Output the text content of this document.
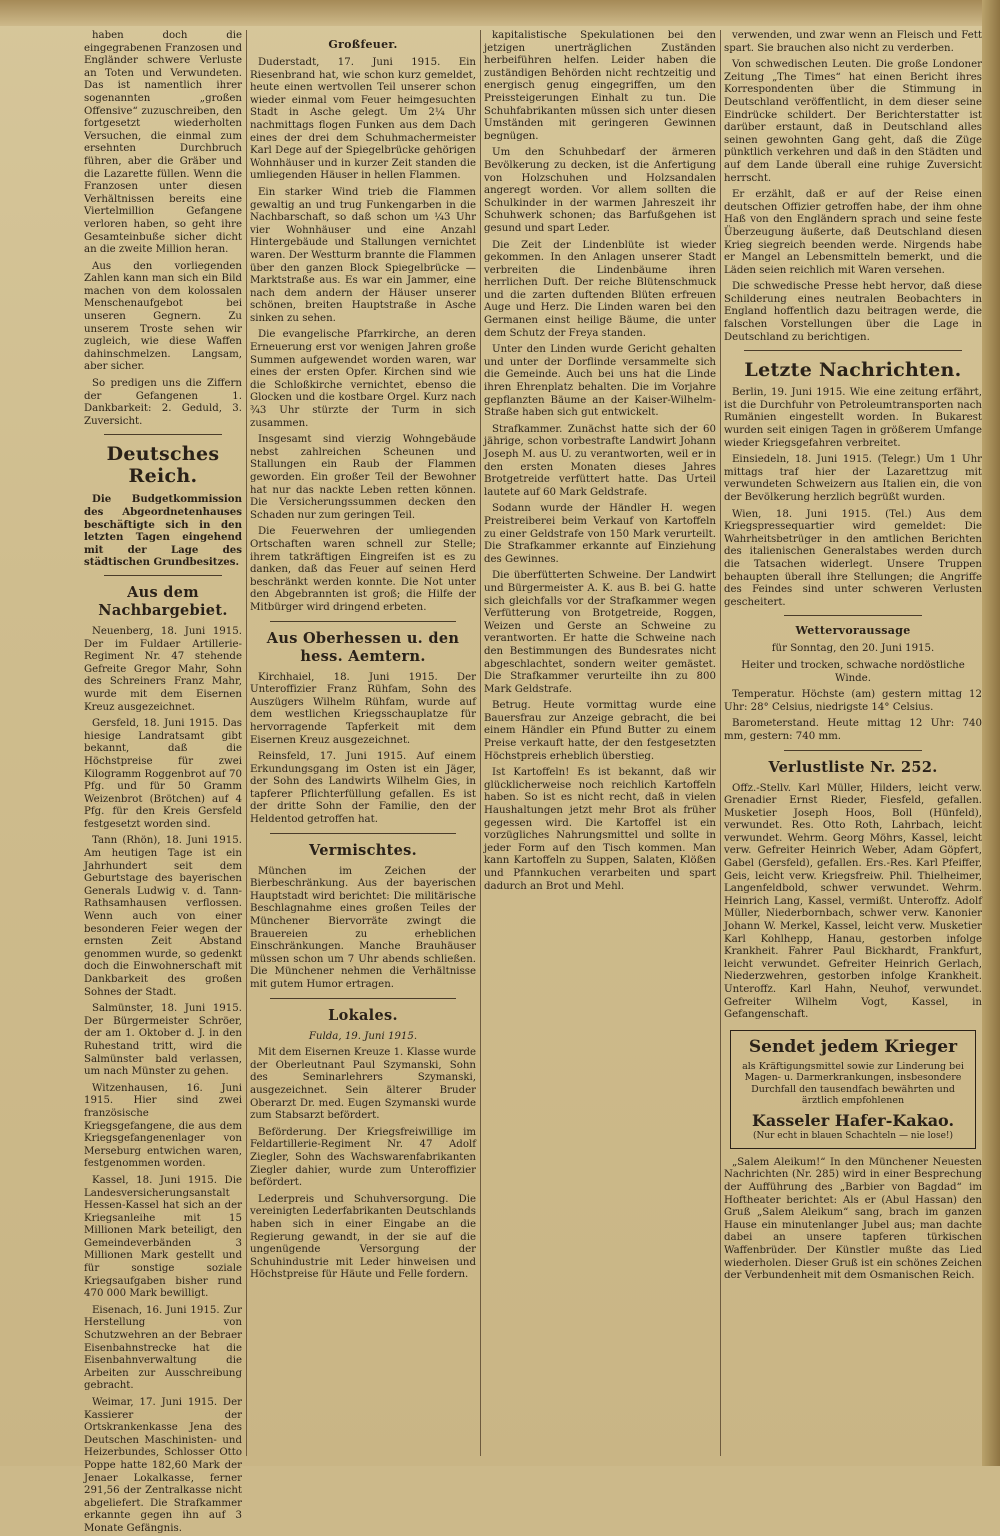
haben doch die eingegrabenen Franzosen und Engländer schwere Verluste an Toten und Verwundeten. Das ist namentlich ihrer sogenannten „großen Offensive“ zuzuschreiben, den fortgesetzt wiederholten Versuchen, die einmal zum ersehnten Durchbruch führen, aber die Gräber und die Lazarette füllen. Wenn die Franzosen unter diesen Verhältnissen bereits eine Viertelmillion Gefangene verloren haben, so geht ihre Gesamteinbuße sicher dicht an die zweite Million heran.

Aus den vorliegenden Zahlen kann man sich ein Bild machen von dem kolossalen Menschenaufgebot bei unseren Gegnern. Zu unserem Troste sehen wir zugleich, wie diese Waffen dahinschmelzen. Langsam, aber sicher.

So predigen uns die Ziffern der Gefangenen 1. Dankbarkeit: 2. Geduld, 3. Zuversicht.

Deutsches Reich.

Die Budgetkommission des Abgeordnetenhauses beschäftigte sich in den letzten Tagen eingehend mit der Lage des städtischen Grundbesitzes.

Aus dem Nachbargebiet.

Neuenberg, 18. Juni 1915. Der im Fuldaer Artillerie-Regiment Nr. 47 stehende Gefreite Gregor Mahr, Sohn des Schreiners Franz Mahr, wurde mit dem Eisernen Kreuz ausgezeichnet.

Gersfeld, 18. Juni 1915. Das hiesige Landratsamt gibt bekannt, daß die Höchstpreise für zwei Kilogramm Roggenbrot auf 70 Pfg. und für 50 Gramm Weizenbrot (Brötchen) auf 4 Pfg. für den Kreis Gersfeld festgesetzt worden sind.

Tann (Rhön), 18. Juni 1915. Am heutigen Tage ist ein Jahrhundert seit dem Geburtstage des bayerischen Generals Ludwig v. d. Tann-Rathsamhausen verflossen. Wenn auch von einer besonderen Feier wegen der ernsten Zeit Abstand genommen wurde, so gedenkt doch die Einwohnerschaft mit Dankbarkeit des großen Sohnes der Stadt.

Salmünster, 18. Juni 1915. Der Bürgermeister Schröer, der am 1. Oktober d. J. in den Ruhestand tritt, wird die Salmünster bald verlassen, um nach Münster zu gehen.

Witzenhausen, 16. Juni 1915. Hier sind zwei französische Kriegsgefangene, die aus dem Kriegsgefangenenlager von Merseburg entwichen waren, festgenommen worden.

Kassel, 18. Juni 1915. Die Landesversicherungsanstalt Hessen-Kassel hat sich an der Kriegsanleihe mit 15 Millionen Mark beteiligt, den Gemeindeverbänden 3 Millionen Mark gestellt und für sonstige soziale Kriegsaufgaben bisher rund 470 000 Mark bewilligt.

Eisenach, 16. Juni 1915. Zur Herstellung von Schutzwehren an der Bebraer Eisenbahnstrecke hat die Eisenbahnverwaltung die Arbeiten zur Ausschreibung gebracht.

Weimar, 17. Juni 1915. Der Kassierer der Ortskrankenkasse Jena des Deutschen Maschinisten- und Heizerbundes, Schlosser Otto Poppe hatte 182,60 Mark der Jenaer Lokalkasse, ferner 291,56 der Zentralkasse nicht abgeliefert. Die Strafkammer erkannte gegen ihn auf 3 Monate Gefängnis.

Großfeuer.

Duderstadt, 17. Juni 1915. Ein Riesenbrand hat, wie schon kurz gemeldet, heute einen wertvollen Teil unserer schon wieder einmal vom Feuer heimgesuchten Stadt in Asche gelegt. Um 2¼ Uhr nachmittags flogen Funken aus dem Dach eines der drei dem Schuhmachermeister Karl Dege auf der Spiegelbrücke gehörigen Wohnhäuser und in kurzer Zeit standen die umliegenden Häuser in hellen Flammen.

Ein starker Wind trieb die Flammen gewaltig an und trug Funkengarben in die Nachbarschaft, so daß schon um ¼3 Uhr vier Wohnhäuser und eine Anzahl Hintergebäude und Stallungen vernichtet waren. Der Westturm brannte die Flammen über den ganzen Block Spiegelbrücke — Marktstraße aus. Es war ein Jammer, eine nach dem andern der Häuser unserer schönen, breiten Hauptstraße in Asche sinken zu sehen.

Die evangelische Pfarrkirche, an deren Erneuerung erst vor wenigen Jahren große Summen aufgewendet worden waren, war eines der ersten Opfer. Kirchen sind wie die Schloßkirche vernichtet, ebenso die Glocken und die kostbare Orgel. Kurz nach ¾3 Uhr stürzte der Turm in sich zusammen.

Insgesamt sind vierzig Wohngebäude nebst zahlreichen Scheunen und Stallungen ein Raub der Flammen geworden. Ein großer Teil der Bewohner hat nur das nackte Leben retten können. Die Versicherungssummen decken den Schaden nur zum geringen Teil.

Die Feuerwehren der umliegenden Ortschaften waren schnell zur Stelle; ihrem tatkräftigen Eingreifen ist es zu danken, daß das Feuer auf seinen Herd beschränkt werden konnte. Die Not unter den Abgebrannten ist groß; die Hilfe der Mitbürger wird dringend erbeten.

Aus Oberhessen u. den hess. Aemtern.

Kirchhaiel, 18. Juni 1915. Der Unteroffizier Franz Rühfam, Sohn des Auszügers Wilhelm Rühfam, wurde auf dem westlichen Kriegsschauplatze für hervorragende Tapferkeit mit dem Eisernen Kreuz ausgezeichnet.

Reinsfeld, 17. Juni 1915. Auf einem Erkundungsgang im Osten ist ein Jäger, der Sohn des Landwirts Wilhelm Gies, in tapferer Pflichterfüllung gefallen. Es ist der dritte Sohn der Familie, den der Heldentod getroffen hat.

Vermischtes.

München im Zeichen der Bierbeschränkung. Aus der bayerischen Hauptstadt wird berichtet: Die militärische Beschlagnahme eines großen Teiles der Münchener Biervorräte zwingt die Brauereien zu erheblichen Einschränkungen. Manche Brauhäuser müssen schon um 7 Uhr abends schließen. Die Münchener nehmen die Verhältnisse mit gutem Humor ertragen.

Lokales.
Fulda, 19. Juni 1915.

Mit dem Eisernen Kreuze 1. Klasse wurde der Oberleutnant Paul Szymanski, Sohn des Seminarlehrers Szymanski, ausgezeichnet. Sein älterer Bruder Oberarzt Dr. med. Eugen Szymanski wurde zum Stabsarzt befördert.

Beförderung. Der Kriegsfreiwillige im Feldartillerie-Regiment Nr. 47 Adolf Ziegler, Sohn des Wachswarenfabrikanten Ziegler dahier, wurde zum Unteroffizier befördert.

Lederpreis und Schuhversorgung. Die vereinigten Lederfabrikanten Deutschlands haben sich in einer Eingabe an die Regierung gewandt, in der sie auf die ungenügende Versorgung der Schuhindustrie mit Leder hinweisen und Höchstpreise für Häute und Felle fordern.

kapitalistische Spekulationen bei den jetzigen unerträglichen Zuständen herbeiführen helfen. Leider haben die zuständigen Behörden nicht rechtzeitig und energisch genug eingegriffen, um den Preissteigerungen Einhalt zu tun. Die Schuhfabrikanten müssen sich unter diesen Umständen mit geringeren Gewinnen begnügen.

Um den Schuhbedarf der ärmeren Bevölkerung zu decken, ist die Anfertigung von Holzschuhen und Holzsandalen angeregt worden. Vor allem sollten die Schulkinder in der warmen Jahreszeit ihr Schuhwerk schonen; das Barfußgehen ist gesund und spart Leder.

Die Zeit der Lindenblüte ist wieder gekommen. In den Anlagen unserer Stadt verbreiten die Lindenbäume ihren herrlichen Duft. Der reiche Blütenschmuck und die zarten duftenden Blüten erfreuen Auge und Herz. Die Linden waren bei den Germanen einst heilige Bäume, die unter dem Schutz der Freya standen.

Unter den Linden wurde Gericht gehalten und unter der Dorflinde versammelte sich die Gemeinde. Auch bei uns hat die Linde ihren Ehrenplatz behalten. Die im Vorjahre gepflanzten Bäume an der Kaiser-Wilhelm-Straße haben sich gut entwickelt.

Strafkammer. Zunächst hatte sich der 60 jährige, schon vorbestrafte Landwirt Johann Joseph M. aus U. zu verantworten, weil er in den ersten Monaten dieses Jahres Brotgetreide verfüttert hatte. Das Urteil lautete auf 60 Mark Geldstrafe.

Sodann wurde der Händler H. wegen Preistreiberei beim Verkauf von Kartoffeln zu einer Geldstrafe von 150 Mark verurteilt. Die Strafkammer erkannte auf Einziehung des Gewinnes.

Die überfütterten Schweine. Der Landwirt und Bürgermeister A. K. aus B. bei G. hatte sich gleichfalls vor der Strafkammer wegen Verfütterung von Brotgetreide, Roggen, Weizen und Gerste an Schweine zu verantworten. Er hatte die Schweine nach den Bestimmungen des Bundesrates nicht abgeschlachtet, sondern weiter gemästet. Die Strafkammer verurteilte ihn zu 800 Mark Geldstrafe.

Betrug. Heute vormittag wurde eine Bauersfrau zur Anzeige gebracht, die bei einem Händler ein Pfund Butter zu einem Preise verkauft hatte, der den festgesetzten Höchstpreis erheblich überstieg.

Ist Kartoffeln! Es ist bekannt, daß wir glücklicherweise noch reichlich Kartoffeln haben. So ist es nicht recht, daß in vielen Haushaltungen jetzt mehr Brot als früher gegessen wird. Die Kartoffel ist ein vorzügliches Nahrungsmittel und sollte in jeder Form auf den Tisch kommen. Man kann Kartoffeln zu Suppen, Salaten, Klößen und Pfannkuchen verarbeiten und spart dadurch an Brot und Mehl.

verwenden, und zwar wenn an Fleisch und Fett spart. Sie brauchen also nicht zu verderben.

Von schwedischen Leuten. Die große Londoner Zeitung „The Times“ hat einen Bericht ihres Korrespondenten über die Stimmung in Deutschland veröffentlicht, in dem dieser seine Eindrücke schildert. Der Berichterstatter ist darüber erstaunt, daß in Deutschland alles seinen gewohnten Gang geht, daß die Züge pünktlich verkehren und daß in den Städten und auf dem Lande überall eine ruhige Zuversicht herrscht.

Er erzählt, daß er auf der Reise einen deutschen Offizier getroffen habe, der ihm ohne Haß von den Engländern sprach und seine feste Überzeugung äußerte, daß Deutschland diesen Krieg siegreich beenden werde. Nirgends habe er Mangel an Lebensmitteln bemerkt, und die Läden seien reichlich mit Waren versehen.

Die schwedische Presse hebt hervor, daß diese Schilderung eines neutralen Beobachters in England hoffentlich dazu beitragen werde, die falschen Vorstellungen über die Lage in Deutschland zu berichtigen.

Letzte Nachrichten.

Berlin, 19. Juni 1915. Wie eine zeitung erfährt, ist die Durchfuhr von Petroleumtransporten nach Rumänien eingestellt worden. In Bukarest wurden seit einigen Tagen in größerem Umfange wieder Kriegsgefahren verbreitet.

Einsiedeln, 18. Juni 1915. (Telegr.) Um 1 Uhr mittags traf hier der Lazarettzug mit verwundeten Schweizern aus Italien ein, die von der Bevölkerung herzlich begrüßt wurden.

Wien, 18. Juni 1915. (Tel.) Aus dem Kriegspressequartier wird gemeldet: Die Wahrheitsbetrüger in den amtlichen Berichten des italienischen Generalstabes werden durch die Tatsachen widerlegt. Unsere Truppen behaupten überall ihre Stellungen; die Angriffe des Feindes sind unter schweren Verlusten gescheitert.

Wettervoraussage

für Sonntag, den 20. Juni 1915.

Heiter und trocken, schwache nordöstliche Winde.

Temperatur. Höchste (am) gestern mittag 12 Uhr: 28° Celsius, niedrigste 14° Celsius.

Barometerstand. Heute mittag 12 Uhr: 740 mm, gestern: 740 mm.

Verlustliste Nr. 252.

Offz.-Stellv. Karl Müller, Hilders, leicht verw. Grenadier Ernst Rieder, Fiesfeld, gefallen. Musketier Joseph Hoos, Boll (Hünfeld), verwundet. Res. Otto Roth, Lahrbach, leicht verwundet. Wehrm. Georg Möhrs, Kassel, leicht verw. Gefreiter Heinrich Weber, Adam Göpfert, Gabel (Gersfeld), gefallen. Ers.-Res. Karl Pfeiffer, Geis, leicht verw. Kriegsfreiw. Phil. Thielheimer, Langenfeldbold, schwer verwundet. Wehrm. Heinrich Lang, Kassel, vermißt. Unteroffz. Adolf Müller, Niederbornbach, schwer verw. Kanonier Johann W. Merkel, Kassel, leicht verw. Musketier Karl Kohlhepp, Hanau, gestorben infolge Krankheit. Fahrer Paul Bickhardt, Frankfurt, leicht verwundet. Gefreiter Heinrich Gerlach, Niederzwehren, gestorben infolge Krankheit. Unteroffz. Karl Hahn, Neuhof, verwundet. Gefreiter Wilhelm Vogt, Kassel, in Gefangenschaft.

Sendet jedem Krieger
als Kräftigungsmittel sowie zur Linderung bei Magen- u. Darmerkrankungen, insbesondere Durchfall den tausendfach bewährten und ärztlich empfohlenen
Kasseler Hafer-Kakao.
(Nur echt in blauen Schachteln — nie lose!)

„Salem Aleikum!“ In den Münchener Neuesten Nachrichten (Nr. 285) wird in einer Besprechung der Aufführung des „Barbier von Bagdad“ im Hoftheater berichtet: Als er (Abul Hassan) den Gruß „Salem Aleikum“ sang, brach im ganzen Hause ein minutenlanger Jubel aus; man dachte dabei an unsere tapferen türkischen Waffenbrüder. Der Künstler mußte das Lied wiederholen. Dieser Gruß ist ein schönes Zeichen der Verbundenheit mit dem Osmanischen Reich.
